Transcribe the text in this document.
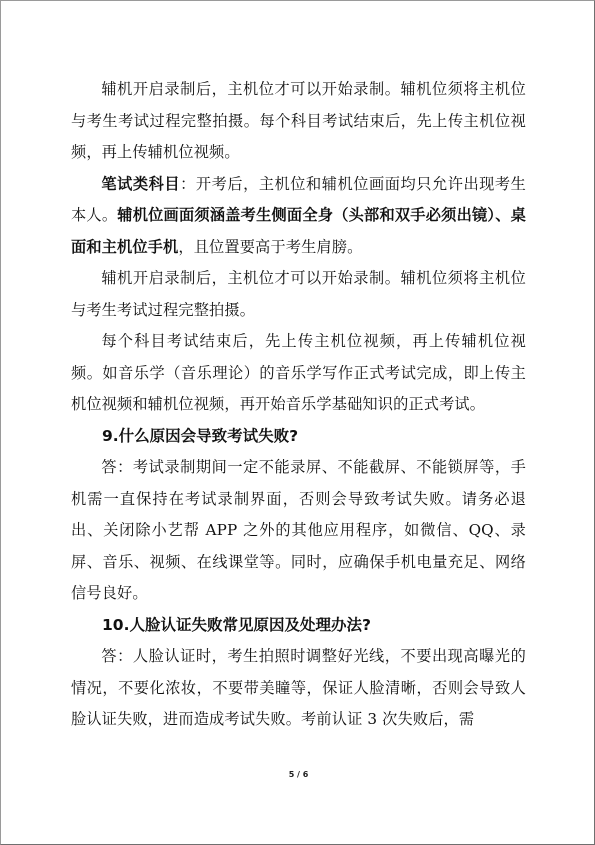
辅机开启录制后，主机位才可以开始录制。辅机位须将主机位与考生考试过程完整拍摄。每个科目考试结束后，先上传主机位视频，再上传辅机位视频。

笔试类科目：开考后，主机位和辅机位画面均只允许出现考生本人。辅机位画面须涵盖考生侧面全身（头部和双手必须出镜）、桌面和主机位手机，且位置要高于考生肩膀。

辅机开启录制后，主机位才可以开始录制。辅机位须将主机位与考生考试过程完整拍摄。

每个科目考试结束后，先上传主机位视频，再上传辅机位视频。如音乐学（音乐理论）的音乐学写作正式考试完成，即上传主机位视频和辅机位视频，再开始音乐学基础知识的正式考试。

9.什么原因会导致考试失败?

答：考试录制期间一定不能录屏、不能截屏、不能锁屏等，手机需一直保持在考试录制界面，否则会导致考试失败。请务必退出、关闭除小艺帮 APP 之外的其他应用程序，如微信、QQ、录屏、音乐、视频、在线课堂等。同时，应确保手机电量充足、网络信号良好。

10.人脸认证失败常见原因及处理办法?

答：人脸认证时，考生拍照时调整好光线，不要出现高曝光的情况，不要化浓妆，不要带美瞳等，保证人脸清晰，否则会导致人脸认证失败，进而造成考试失败。考前认证 3 次失败后，需

5 / 6
